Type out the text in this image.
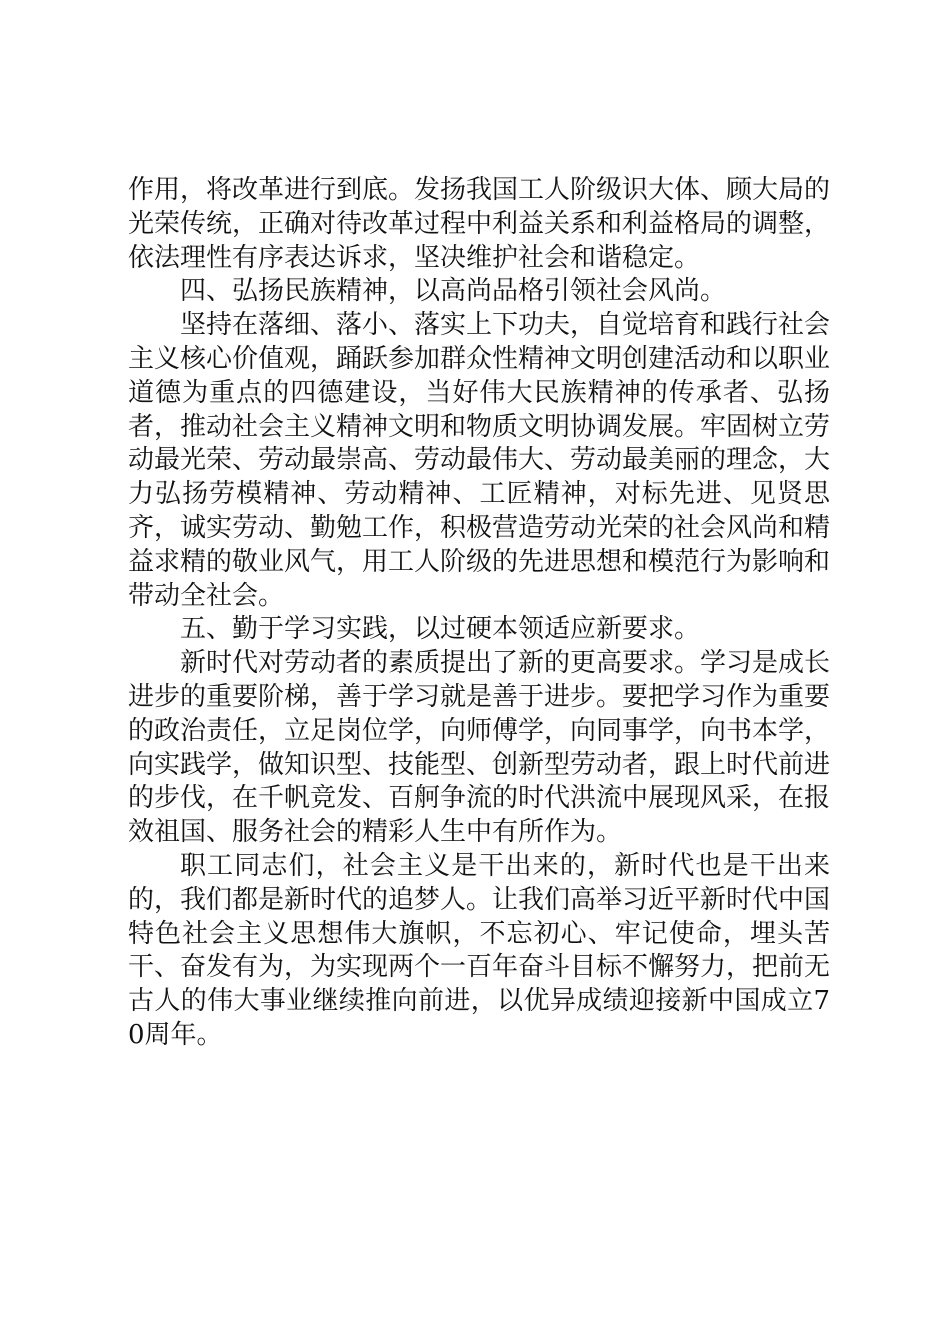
作用，将改革进行到底。发扬我国工人阶级识大体、顾大局的光荣传统，正确对待改革过程中利益关系和利益格局的调整，依法理性有序表达诉求，坚决维护社会和谐稳定。

四、弘扬民族精神，以高尚品格引领社会风尚。

坚持在落细、落小、落实上下功夫，自觉培育和践行社会主义核心价值观，踊跃参加群众性精神文明创建活动和以职业道德为重点的四德建设，当好伟大民族精神的传承者、弘扬者，推动社会主义精神文明和物质文明协调发展。牢固树立劳动最光荣、劳动最崇高、劳动最伟大、劳动最美丽的理念，大力弘扬劳模精神、劳动精神、工匠精神，对标先进、见贤思齐，诚实劳动、勤勉工作，积极营造劳动光荣的社会风尚和精益求精的敬业风气，用工人阶级的先进思想和模范行为影响和带动全社会。

五、勤于学习实践，以过硬本领适应新要求。

新时代对劳动者的素质提出了新的更高要求。学习是成长进步的重要阶梯，善于学习就是善于进步。要把学习作为重要的政治责任，立足岗位学，向师傅学，向同事学，向书本学，向实践学，做知识型、技能型、创新型劳动者，跟上时代前进的步伐，在千帆竞发、百舸争流的时代洪流中展现风采，在报效祖国、服务社会的精彩人生中有所作为。

职工同志们，社会主义是干出来的，新时代也是干出来的，我们都是新时代的追梦人。让我们高举习近平新时代中国特色社会主义思想伟大旗帜，不忘初心、牢记使命，埋头苦干、奋发有为，为实现两个一百年奋斗目标不懈努力，把前无古人的伟大事业继续推向前进，以优异成绩迎接新中国成立70周年。
